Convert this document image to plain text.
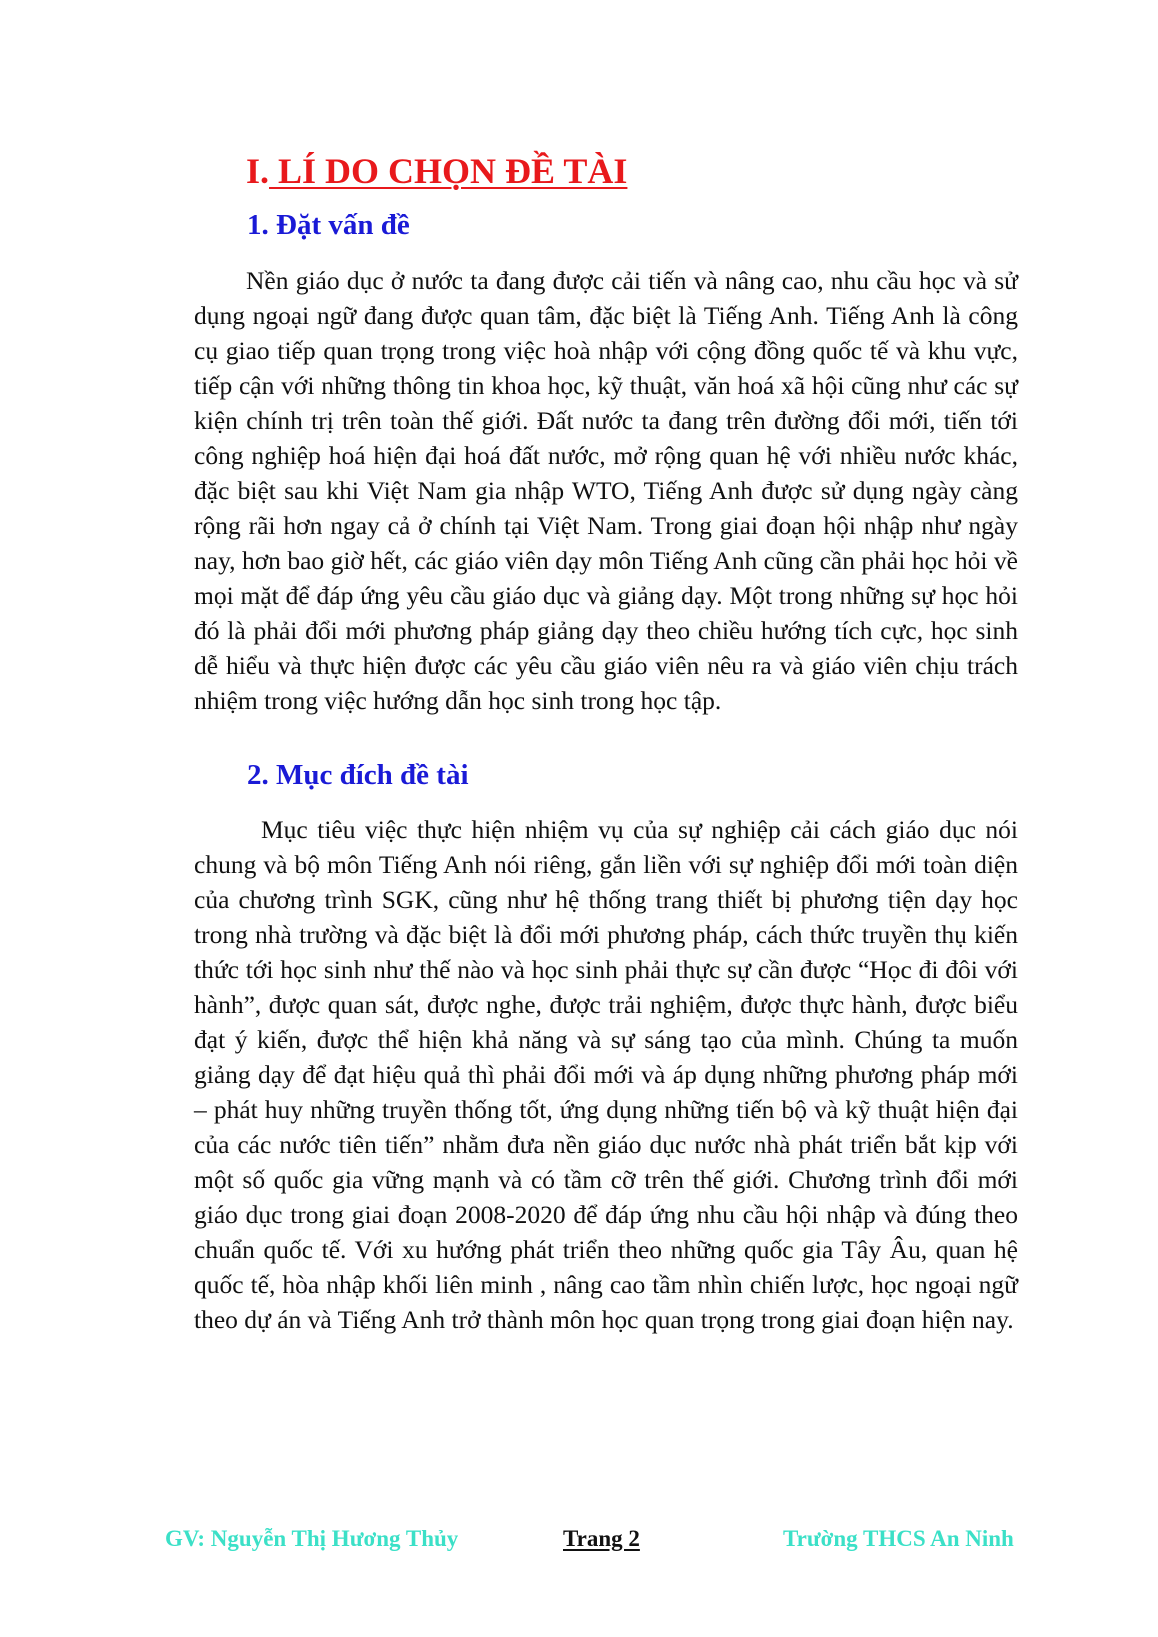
I. LÍ DO CHỌN ĐỀ TÀI
1. Đặt vấn đề

Nền giáo dục ở nước ta đang được cải tiến và nâng cao, nhu cầu học và sử dụng ngoại ngữ đang được quan tâm, đặc biệt là Tiếng Anh. Tiếng Anh là công cụ giao tiếp quan trọng trong việc hoà nhập với cộng đồng quốc tế và khu vực, tiếp cận với những thông tin khoa học, kỹ thuật, văn hoá xã hội cũng như các sự kiện chính trị trên toàn thế giới. Đất nước ta đang trên đường đổi mới, tiến tới công nghiệp hoá hiện đại hoá đất nước, mở rộng quan hệ với nhiều nước khác, đặc biệt sau khi Việt Nam gia nhập WTO, Tiếng Anh được sử dụng ngày càng rộng rãi hơn ngay cả ở chính tại Việt Nam. Trong giai đoạn hội nhập như ngày nay, hơn bao giờ hết, các giáo viên dạy môn Tiếng Anh cũng cần phải học hỏi về mọi mặt để đáp ứng yêu cầu giáo dục và giảng dạy. Một trong những sự học hỏi đó là phải đổi mới phương pháp giảng dạy theo chiều hướng tích cực, học sinh dễ hiểu và thực hiện được các yêu cầu giáo viên nêu ra và giáo viên chịu trách nhiệm trong việc hướng dẫn học sinh trong học tập.

2. Mục đích đề tài

Mục tiêu việc thực hiện nhiệm vụ của sự nghiệp cải cách giáo dục nói chung và bộ môn Tiếng Anh nói riêng, gắn liền với sự nghiệp đổi mới toàn diện của chương trình SGK, cũng như hệ thống trang thiết bị phương tiện dạy học trong nhà trường và đặc biệt là đổi mới phương pháp, cách thức truyền thụ kiến thức tới học sinh như thế nào và học sinh phải thực sự cần được “Học đi đôi với hành”, được quan sát, được nghe, được trải nghiệm, được thực hành, được biểu đạt ý kiến, được thể hiện khả năng và sự sáng tạo của mình. Chúng ta muốn giảng dạy để đạt hiệu quả thì phải đổi mới và áp dụng những phương pháp mới – phát huy những truyền thống tốt, ứng dụng những tiến bộ và kỹ thuật hiện đại của các nước tiên tiến” nhằm đưa nền giáo dục nước nhà phát triển bắt kịp với một số quốc gia vững mạnh và có tầm cỡ trên thế giới. Chương trình đổi mới giáo dục trong giai đoạn 2008-2020 để đáp ứng nhu cầu hội nhập và đúng theo chuẩn quốc tế. Với xu hướng phát triển theo những quốc gia Tây Âu, quan hệ quốc tế, hòa nhập khối liên minh , nâng cao tầm nhìn chiến lược, học ngoại ngữ theo dự án và Tiếng Anh trở thành môn học quan trọng trong giai đoạn hiện nay.

GV: Nguyễn Thị Hương Thủy	Trang 2	Trường THCS An Ninh
